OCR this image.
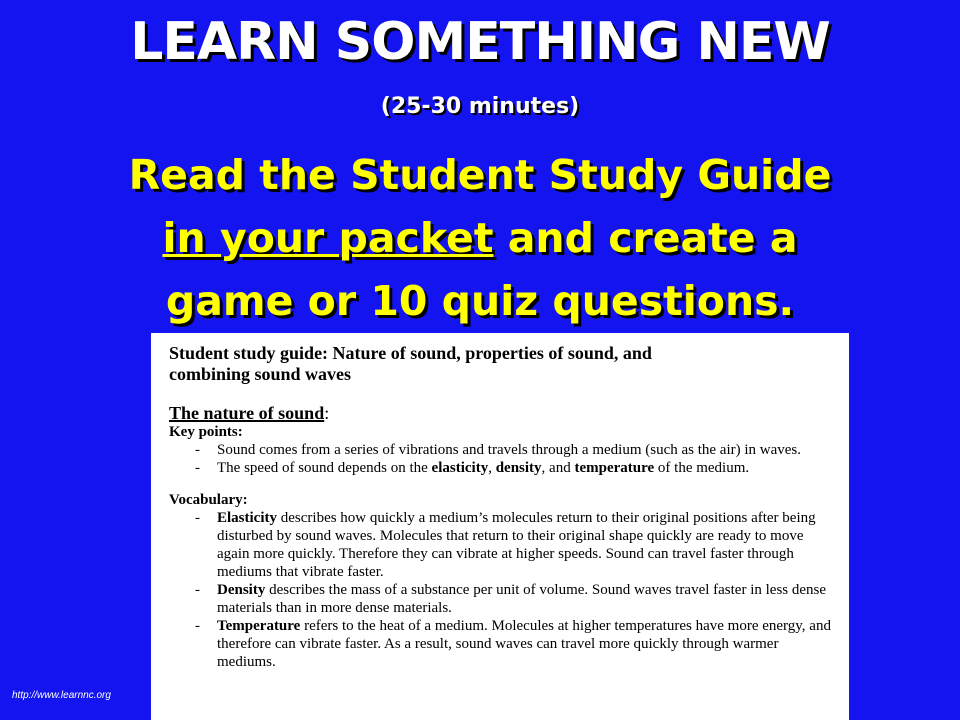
LEARN SOMETHING NEW
(25-30 minutes)
Read the Student Study Guide
in your packet and create a
game or 10 quiz questions.
Student study guide: Nature of sound, properties of sound, and
combining sound waves
The nature of sound:
Key points:
- Sound comes from a series of vibrations and travels through a medium (such as the air) in waves.
- The speed of sound depends on the elasticity, density, and temperature of the medium.
Vocabulary:
- Elasticity describes how quickly a medium’s molecules return to their original positions after being disturbed by sound waves. Molecules that return to their original shape quickly are ready to move again more quickly. Therefore they can vibrate at higher speeds. Sound can travel faster through mediums that vibrate faster.
- Density describes the mass of a substance per unit of volume. Sound waves travel faster in less dense materials than in more dense materials.
- Temperature refers to the heat of a medium. Molecules at higher temperatures have more energy, and therefore can vibrate faster. As a result, sound waves can travel more quickly through warmer mediums.
http://www.learnnc.org
